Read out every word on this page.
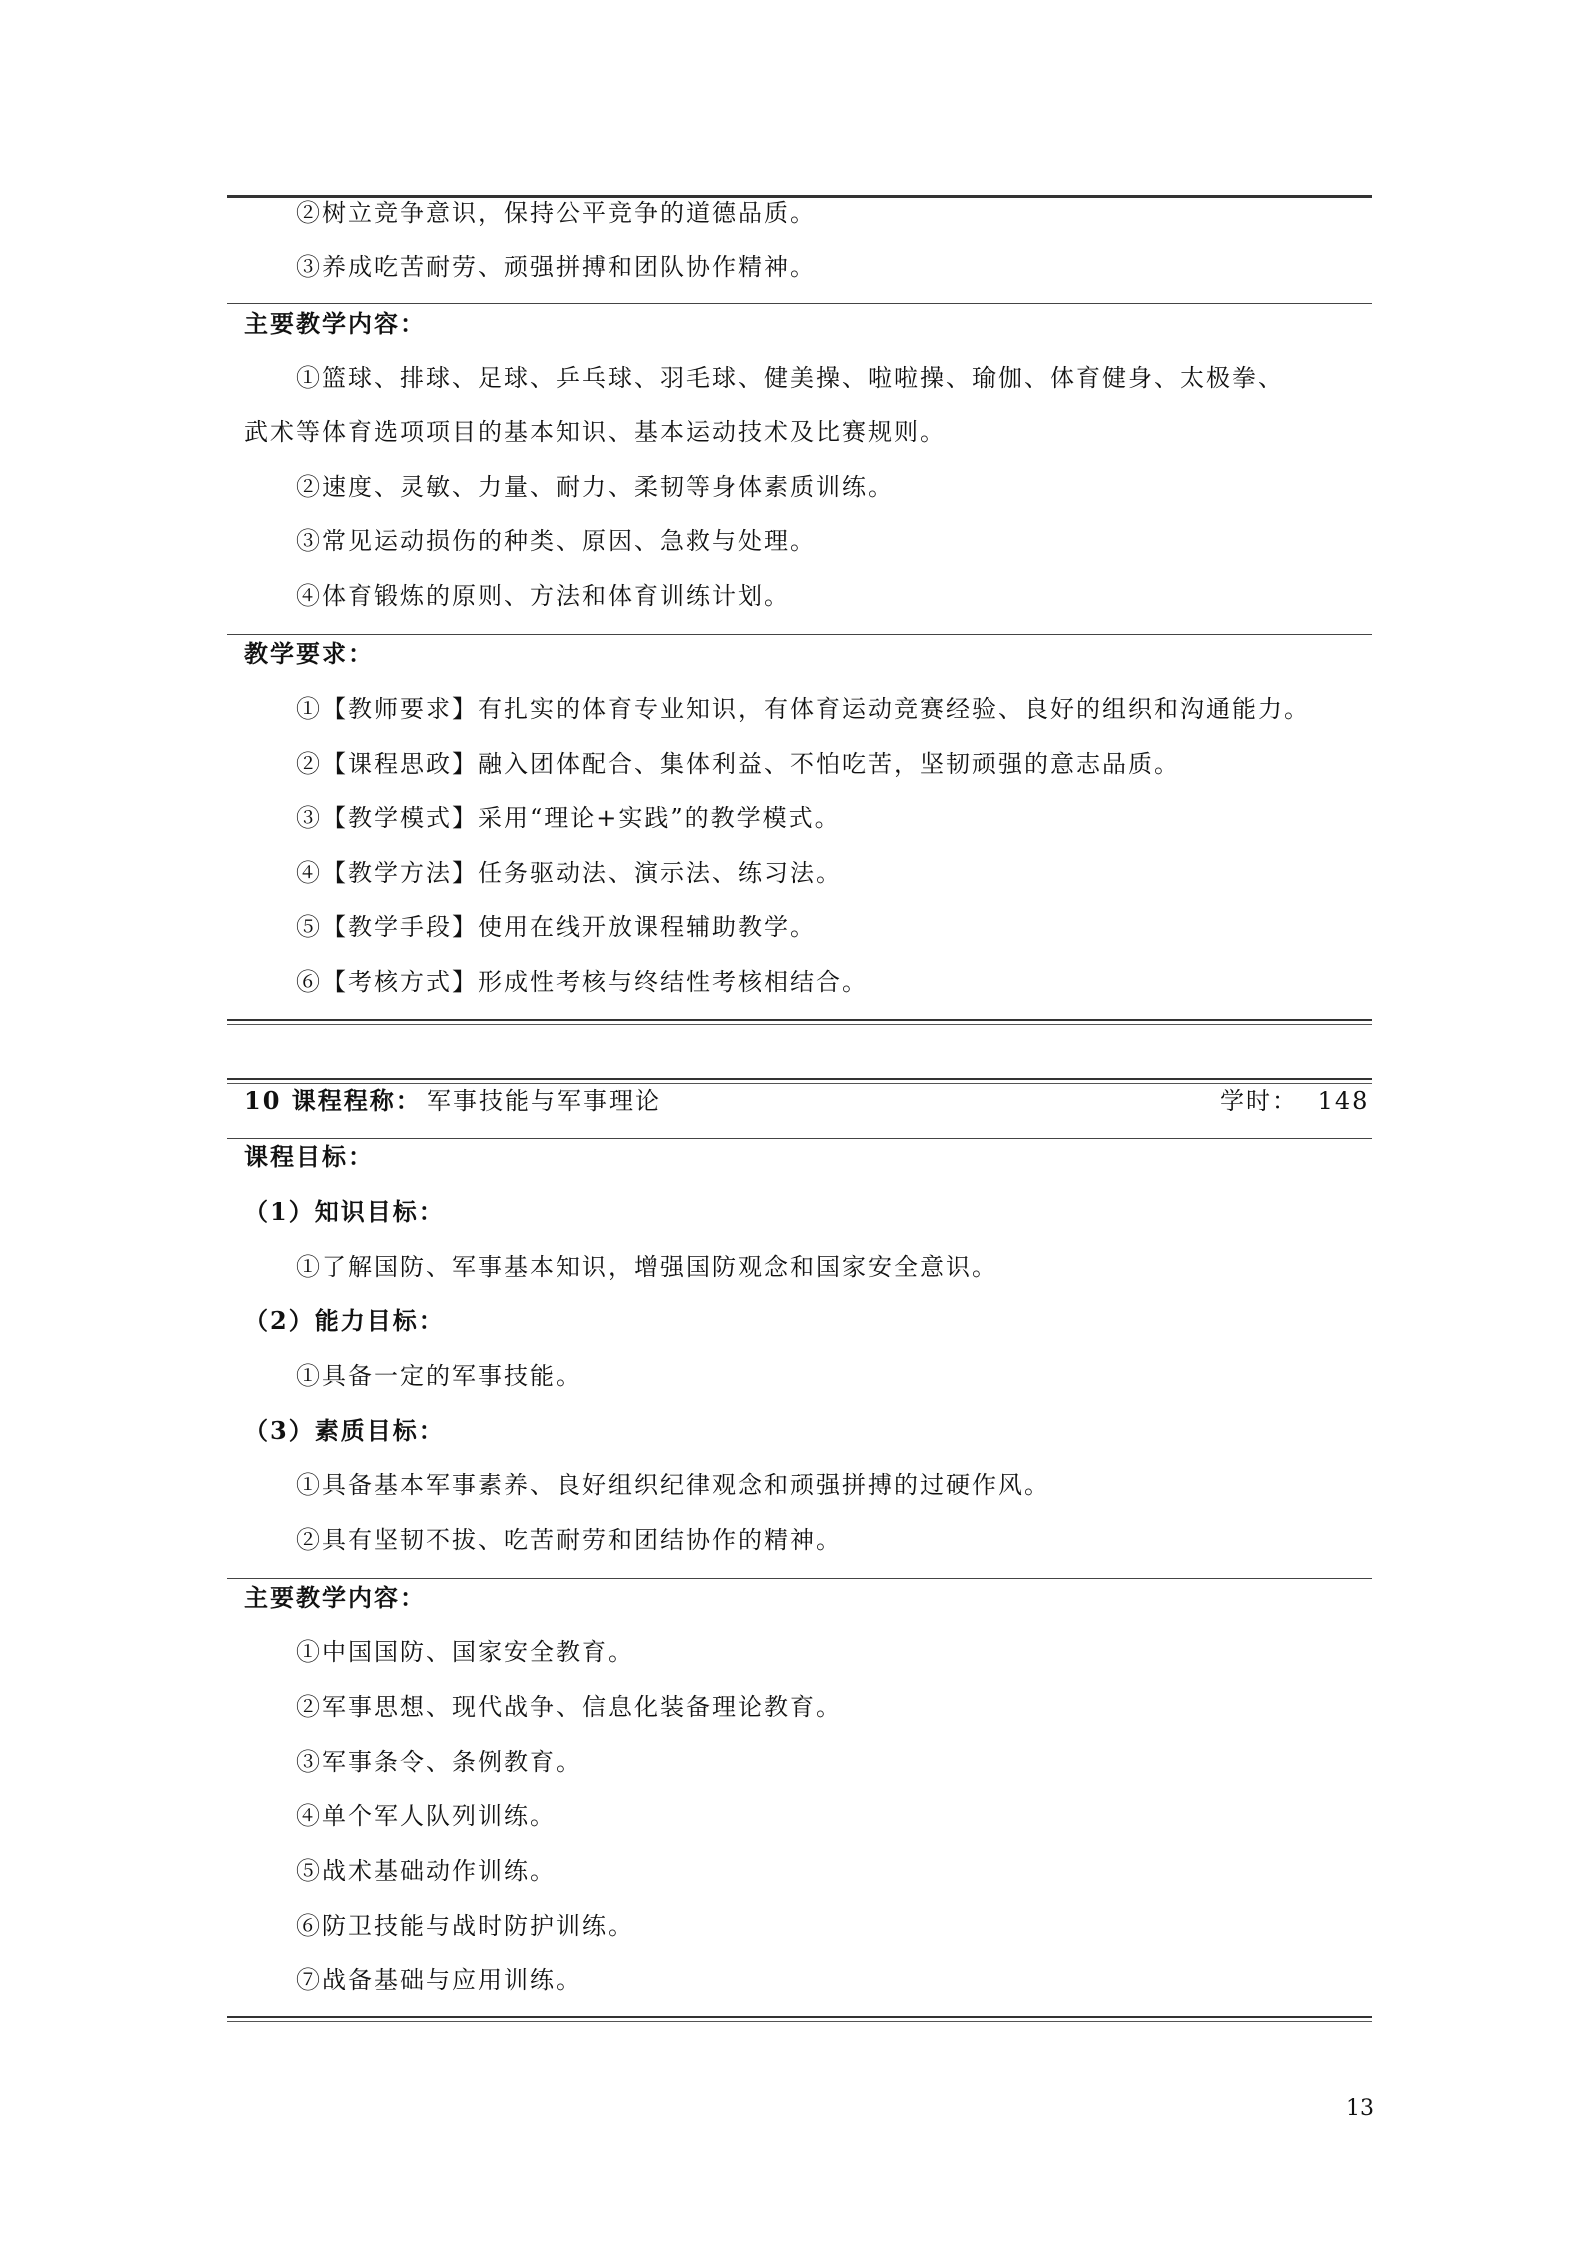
②树立竞争意识，保持公平竞争的道德品质。
③养成吃苦耐劳、顽强拼搏和团队协作精神。
主要教学内容：
①篮球、排球、足球、乒乓球、羽毛球、健美操、啦啦操、瑜伽、体育健身、太极拳、
武术等体育选项项目的基本知识、基本运动技术及比赛规则。
②速度、灵敏、力量、耐力、柔韧等身体素质训练。
③常见运动损伤的种类、原因、急救与处理。
④体育锻炼的原则、方法和体育训练计划。
教学要求：
①【教师要求】有扎实的体育专业知识，有体育运动竞赛经验、良好的组织和沟通能力。
②【课程思政】融入团体配合、集体利益、不怕吃苦，坚韧顽强的意志品质。
③【教学模式】采用“理论+实践”的教学模式。
④【教学方法】任务驱动法、演示法、练习法。
⑤【教学手段】使用在线开放课程辅助教学。
⑥【考核方式】形成性考核与终结性考核相结合。
10 课程程称： 军事技能与军事理论	学时： 148
课程目标：
（1）知识目标：
①了解国防、军事基本知识，增强国防观念和国家安全意识。
（2）能力目标：
①具备一定的军事技能。
（3）素质目标：
①具备基本军事素养、良好组织纪律观念和顽强拼搏的过硬作风。
②具有坚韧不拔、吃苦耐劳和团结协作的精神。
主要教学内容：
①中国国防、国家安全教育。
②军事思想、现代战争、信息化装备理论教育。
③军事条令、条例教育。
④单个军人队列训练。
⑤战术基础动作训练。
⑥防卫技能与战时防护训练。
⑦战备基础与应用训练。
13
